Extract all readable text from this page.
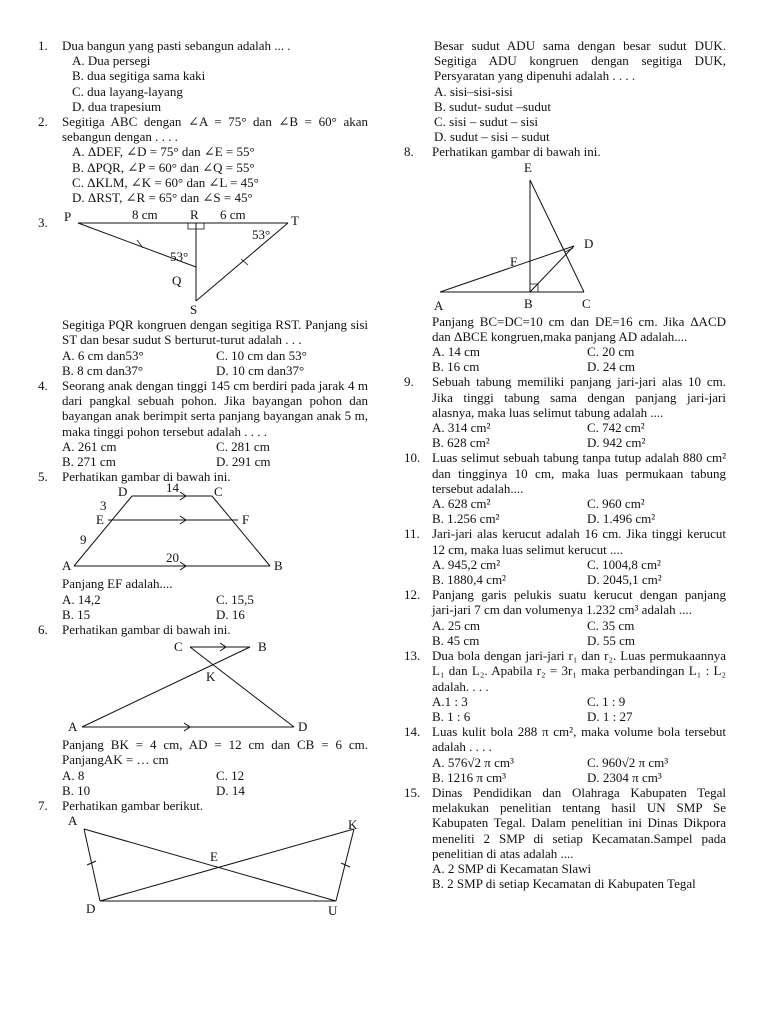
1. Dua bangun yang pasti sebangun adalah ... .
A. Dua persegi
B. dua segitiga sama kaki
C. dua layang-layang
D. dua trapesium
2. Segitiga ABC dengan ∠A = 75° dan ∠B = 60° akan sebangun dengan . . . .
A. ΔDEF, ∠D = 75° dan ∠E = 55°
B. ΔPQR, ∠P = 60° dan ∠Q = 55°
C. ΔKLM, ∠K = 60° dan ∠L = 45°
D. ΔRST, ∠R = 65° dan ∠S = 45°
3. P	R	T
Q
S
8 cm	6 cm
53°
53°
Segitiga PQR kongruen dengan segitiga RST. Panjang sisi ST dan besar sudut S berturut-turut adalah . . .
A. 6 cm dan53°	C. 10 cm dan 53°
B. 8 cm dan37°	D. 10 cm dan37°
4. Seorang anak dengan tinggi 145 cm berdiri pada jarak 4 m dari pangkal sebuah pohon. Jika bayangan pohon dan bayangan anak berimpit serta panjang bayangan anak 5 m, maka tinggi pohon tersebut adalah . . . .
A. 261 cm	C. 281 cm
B. 271 cm	D. 291 cm
5. Perhatikan gambar di bawah ini.
D	C
E	F
A	B
14
3
9
20
Panjang EF adalah....
A. 14,2	C. 15,5
B. 15	D. 16
6. Perhatikan gambar di bawah ini.
C	B
K
A	D
Panjang BK = 4 cm, AD = 12 cm dan CB = 6 cm. PanjangAK = … cm
A. 8	C. 12
B. 10	D. 14
7. Perhatikan gambar berikut.
A	K
E
D	U
Besar sudut ADU sama dengan besar sudut DUK. Segitiga ADU kongruen dengan segitiga DUK, Persyaratan yang dipenuhi adalah . . . .
A. sisi–sisi-sisi
B. sudut- sudut –sudut
C. sisi – sudut – sisi
D. sudut – sisi – sudut
8. Perhatikan gambar di bawah ini.
E
D
F
A	B	C
Panjang BC=DC=10 cm dan DE=16 cm. Jika ΔACD dan ΔBCE kongruen,maka panjang AD adalah....
A. 14 cm	C. 20 cm
B. 16 cm	D. 24 cm
9. Sebuah tabung memiliki panjang jari-jari alas 10 cm. Jika tinggi tabung sama dengan panjang jari-jari alasnya, maka luas selimut tabung adalah ....
A. 314 cm²	C. 742 cm²
B. 628 cm²	D. 942 cm²
10. Luas selimut sebuah tabung tanpa tutup adalah 880 cm² dan tingginya 10 cm, maka luas permukaan tabung tersebut adalah....
A. 628 cm²	C. 960 cm²
B. 1.256 cm²	D. 1.496 cm²
11. Jari-jari alas kerucut adalah 16 cm. Jika tinggi kerucut 12 cm, maka luas selimut kerucut ....
A. 945,2 cm²	C. 1004,8 cm²
B. 1880,4 cm²	D. 2045,1 cm²
12. Panjang garis pelukis suatu kerucut dengan panjang jari-jari 7 cm dan volumenya 1.232 cm³ adalah ....
A. 25 cm	C. 35 cm
B. 45 cm	D. 55 cm
13. Dua bola dengan jari-jari r₁ dan r₂. Luas permukaannya L₁ dan L₂. Apabila r₂ = 3r₁ maka perbandingan L₁ : L₂ adalah. . . .
A.1 : 3	C. 1 : 9
B. 1 : 6	D. 1 : 27
14. Luas kulit bola 288 π cm², maka volume bola tersebut adalah . . . .
A. 576√2 π cm³	C. 960√2 π cm³
B. 1216 π cm³	D. 2304 π cm³
15. Dinas Pendidikan dan Olahraga Kabupaten Tegal melakukan penelitian tentang hasil UN SMP Se Kabupaten Tegal. Dalam penelitian ini Dinas Dikpora meneliti 2 SMP di setiap Kecamatan.Sampel pada penelitian di atas adalah ....
A. 2 SMP di Kecamatan Slawi
B. 2 SMP di setiap Kecamatan di Kabupaten Tegal
